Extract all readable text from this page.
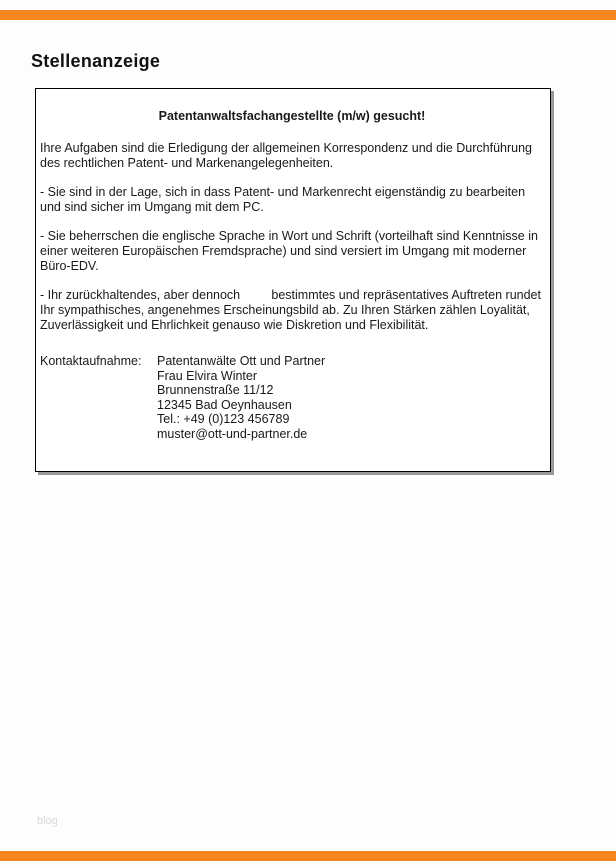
Stellenanzeige

Patentanwaltsfachangestellte (m/w) gesucht!

Ihre Aufgaben sind die Erledigung der allgemeinen Korrespondenz und die Durchführung des rechtlichen Patent- und Markenangelegenheiten.

- Sie sind in der Lage, sich in dass Patent- und Markenrecht eigenständig zu bearbeiten und sind sicher im Umgang mit dem PC.

- Sie beherrschen die englische Sprache in Wort und Schrift (vorteilhaft sind Kenntnisse in einer weiteren Europäischen Fremdsprache) und sind versiert im Umgang mit moderner Büro-EDV.

- Ihr zurückhaltendes, aber dennoch         bestimmtes und repräsentatives Auftreten rundet Ihr sympathisches, angenehmes Erscheinungsbild ab. Zu Ihren Stärken zählen Loyalität, Zuverlässigkeit und Ehrlichkeit genauso wie Diskretion und Flexibilität.

Kontaktaufnahme:	Patentanwälte Ott und Partner
Frau Elvira Winter
Brunnenstraße 11/12
12345 Bad Oeynhausen
Tel.: +49 (0)123 456789
muster@ott-und-partner.de
blog
